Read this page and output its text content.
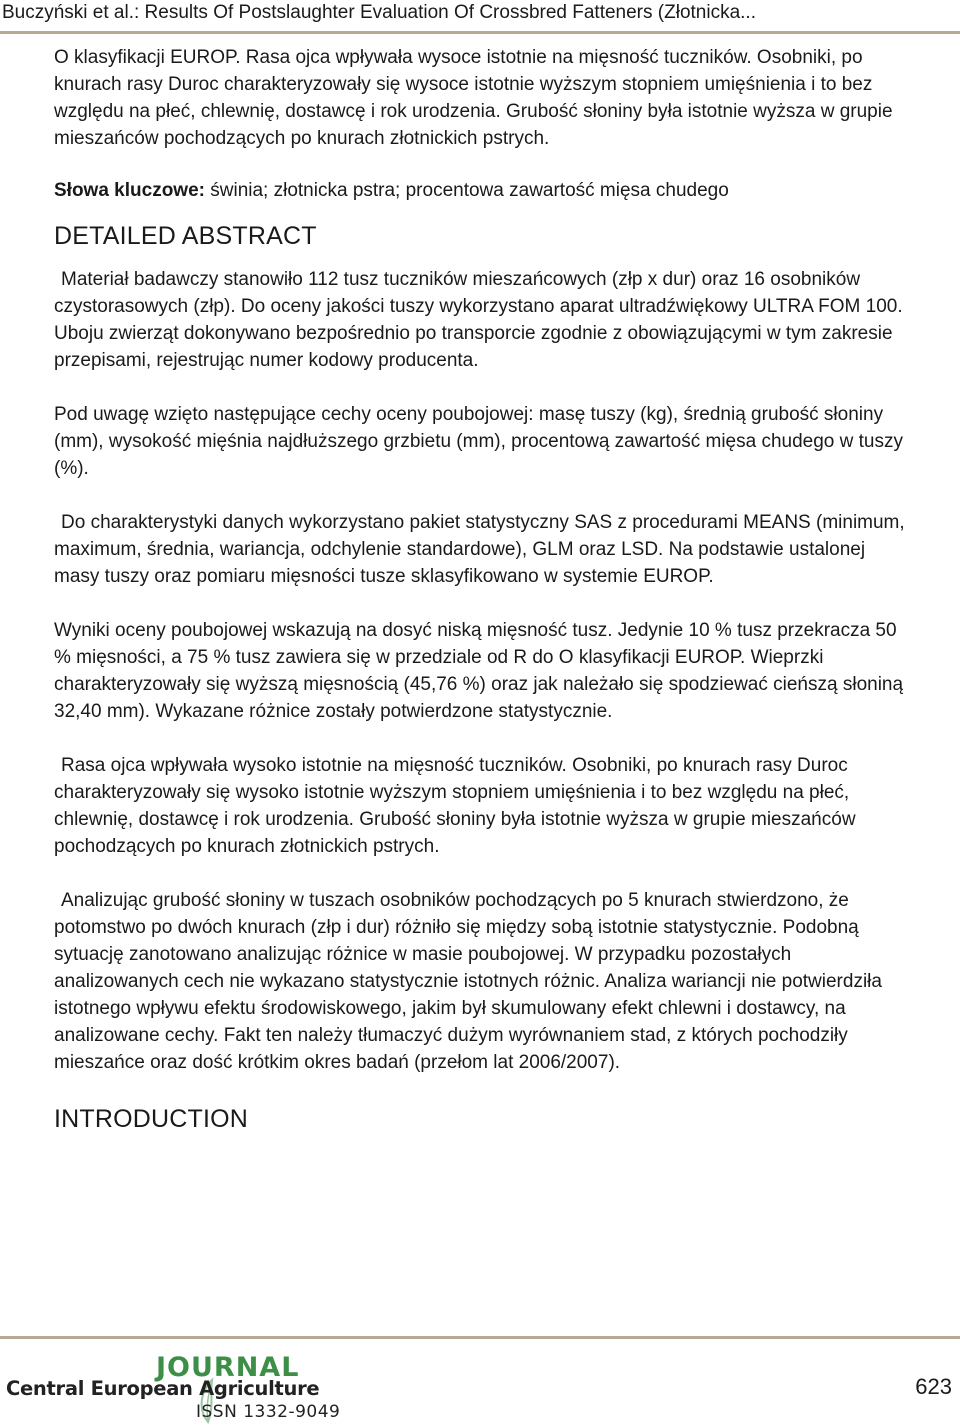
Buczyński et al.: Results Of Postslaughter Evaluation Of Crossbred Fatteners (Złotnicka...

O klasyfikacji EUROP. Rasa ojca wpływała wysoce istotnie na mięsność tuczników. Osobniki, po knurach rasy Duroc charakteryzowały się wysoce istotnie wyższym stopniem umięśnienia i to bez względu na płeć, chlewnię, dostawcę i rok urodzenia. Grubość słoniny była istotnie wyższa w grupie mieszańców pochodzących po knurach złotnickich pstrych.

Słowa kluczowe: świnia; złotnicka pstra; procentowa zawartość mięsa chudego

DETAILED ABSTRACT

Materiał badawczy stanowiło 112 tusz tuczników mieszańcowych (złp x dur) oraz 16 osobników czystorasowych (złp). Do oceny jakości tuszy wykorzystano aparat ultradźwiękowy ULTRA FOM 100. Uboju zwierząt dokonywano bezpośrednio po transporcie zgodnie z obowiązującymi w tym zakresie przepisami, rejestrując numer kodowy producenta.

Pod uwagę wzięto następujące cechy oceny poubojowej: masę tuszy (kg), średnią grubość słoniny (mm), wysokość mięśnia najdłuższego grzbietu (mm), procentową zawartość mięsa chudego w tuszy (%).

Do charakterystyki danych wykorzystano pakiet statystyczny SAS z procedurami MEANS (minimum, maximum, średnia, wariancja, odchylenie standardowe), GLM oraz LSD. Na podstawie ustalonej masy tuszy oraz pomiaru mięsności tusze sklasyfikowano w systemie EUROP.

Wyniki oceny poubojowej wskazują na dosyć niską mięsność tusz. Jedynie 10 % tusz przekracza 50 % mięsności, a 75 % tusz zawiera się w przedziale od R do O klasyfikacji EUROP. Wieprzki charakteryzowały się wyższą mięsnością (45,76 %) oraz jak należało się spodziewać cieńszą słoniną 32,40 mm). Wykazane różnice zostały potwierdzone statystycznie.

Rasa ojca wpływała wysoko istotnie na mięsność tuczników. Osobniki, po knurach rasy Duroc charakteryzowały się wysoko istotnie wyższym stopniem umięśnienia i to bez względu na płeć, chlewnię, dostawcę i rok urodzenia. Grubość słoniny była istotnie wyższa w grupie mieszańców pochodzących po knurach złotnickich pstrych.

Analizując grubość słoniny w tuszach osobników pochodzących po 5 knurach stwierdzono, że potomstwo po dwóch knurach (złp i dur) różniło się między sobą istotnie statystycznie. Podobną sytuację zanotowano analizując różnice w masie poubojowej. W przypadku pozostałych analizowanych cech nie wykazano statystycznie istotnych różnic. Analiza wariancji nie potwierdziła istotnego wpływu efektu środowiskowego, jakim był skumulowany efekt chlewni i dostawcy, na analizowane cechy. Fakt ten należy tłumaczyć dużym wyrównaniem stad, z których pochodziły mieszańce oraz dość krótkim okres badań (przełom lat 2006/2007).

INTRODUCTION
JOURNAL
Central European Agriculture
ISSN 1332-9049
623
